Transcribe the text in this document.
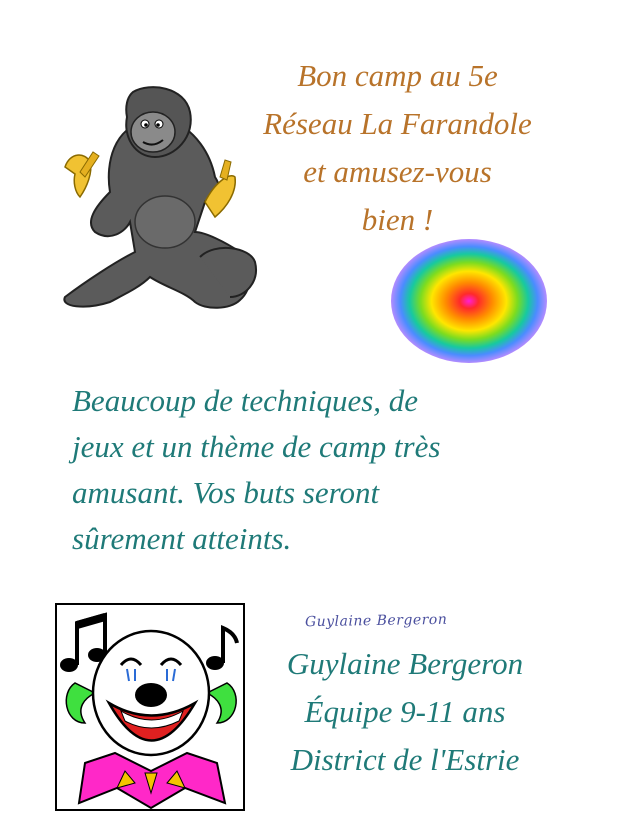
Bon camp au 5e
Réseau La Farandole
et amusez-vous
bien !
Beaucoup de techniques, de
jeux et un thème de camp très
amusant. Vos buts seront
sûrement atteints.
Guylaine Bergeron
Guylaine Bergeron
Équipe 9-11 ans
District de l'Estrie
